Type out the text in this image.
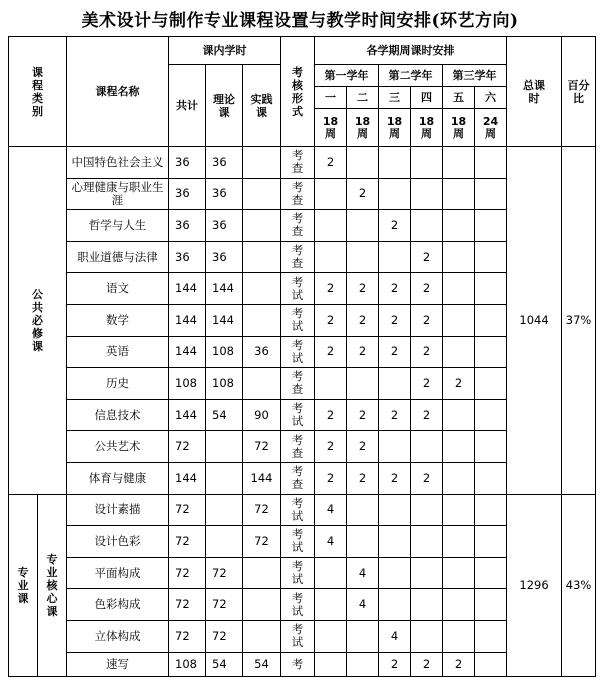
美术设计与制作专业课程设置与教学时间安排(环艺方向)
课程类别		课程名称	课内学时			考核形式	各学期周课时安排						总课时	百分比
			共计	理论课	实践课		第一学年		第二学年		第三学年			
							一	二	三	四	五	六		
							18周	18周	18周	18周	18周	24周		
公共必修课		中国特色社会主义	36	36		考查	2						1044	37%
		心理健康与职业生涯	36	36		考查		2						
		哲学与人生	36	36		考查			2					
		职业道德与法律	36	36		考查				2				
		语文	144	144		考试	2	2	2	2				
		数学	144	144		考试	2	2	2	2				
		英语	144	108	36	考试	2	2	2	2				
		历史	108	108		考查				2	2			
		信息技术	144	54	90	考试	2	2	2	2				
		公共艺术	72		72	考查	2	2						
		体育与健康	144		144	考查	2	2	2	2				
专业课	专业核心课	设计素描	72		72	考试	4						1296	43%
		设计色彩	72		72	考试	4							
		平面构成	72	72		考试		4						
		色彩构成	72	72		考试		4						
		立体构成	72	72		考试			4					
		速写	108	54	54	考			2	2	2			
